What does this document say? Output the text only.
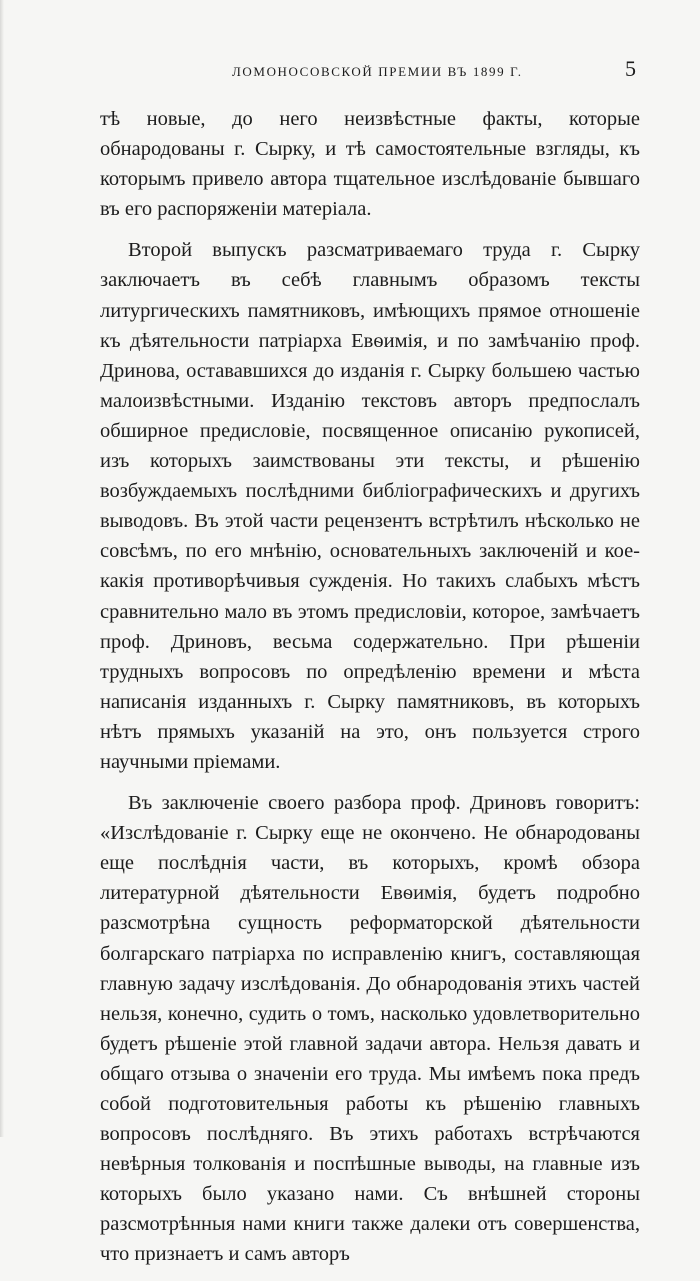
ЛОМОНОСОВСКОЙ ПРЕМИИ ВЪ 1899 Г.	5

тѣ новые, до него неизвѣстные факты, которые обнародованы г. Сырку, и тѣ самостоятельные взгляды, къ которымъ привело автора тщательное изслѣдованіе бывшаго въ его распоряженіи матеріала.

Второй выпускъ разсматриваемаго труда г. Сырку заключаетъ въ себѣ главнымъ образомъ тексты литургическихъ памятниковъ, имѣющихъ прямое отношеніе къ дѣятельности патріарха Евѳимія, и по замѣчанію проф. Дринова, остававшихся до изданія г. Сырку большею частью малоизвѣстными. Изданію текстовъ авторъ предпослалъ обширное предисловіе, посвященное описанію рукописей, изъ которыхъ заимствованы эти тексты, и рѣшенію возбуждаемыхъ послѣдними библіографическихъ и другихъ выводовъ. Въ этой части рецензентъ встрѣтилъ нѣсколько не совсѣмъ, по его мнѣнію, основательныхъ заключеній и кое-какія противорѣчивыя сужденія. Но такихъ слабыхъ мѣстъ сравнительно мало въ этомъ предисловіи, которое, замѣчаетъ проф. Дриновъ, весьма содержательно. При рѣшеніи трудныхъ вопросовъ по опредѣленію времени и мѣста написанія изданныхъ г. Сырку памятниковъ, въ которыхъ нѣтъ прямыхъ указаній на это, онъ пользуется строго научными пріемами.

Въ заключеніе своего разбора проф. Дриновъ говоритъ: «Изслѣдованіе г. Сырку еще не окончено. Не обнародованы еще послѣднія части, въ которыхъ, кромѣ обзора литературной дѣятельности Евѳимія, будетъ подробно разсмотрѣна сущность реформаторской дѣятельности болгарскаго патріарха по исправленію книгъ, составляющая главную задачу изслѣдованія. До обнародованія этихъ частей нельзя, конечно, судить о томъ, насколько удовлетворительно будетъ рѣшеніе этой главной задачи автора. Нельзя давать и общаго отзыва о значеніи его труда. Мы имѣемъ пока предъ собой подготовительныя работы къ рѣшенію главныхъ вопросовъ послѣдняго. Въ этихъ работахъ встрѣчаются невѣрныя толкованія и поспѣшные выводы, на главные изъ которыхъ было указано нами. Съ внѣшней стороны разсмотрѣнныя нами книги также далеки отъ совершенства, что признаетъ и самъ авторъ
